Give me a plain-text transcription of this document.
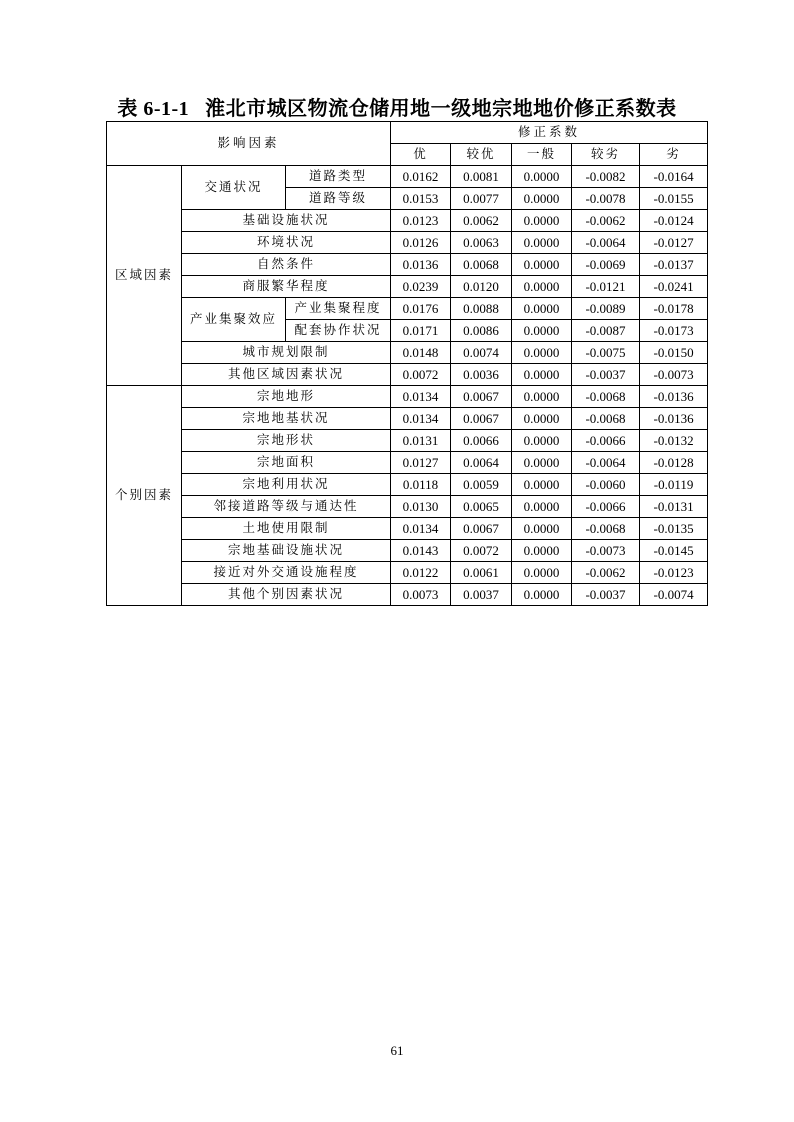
表 6-1-1 淮北市城区物流仓储用地一级地宗地地价修正系数表
影响因素			修正系数				
			优	较优	一般	较劣	劣
区域因素	交通状况	道路类型	0.0162	0.0081	0.0000	-0.0082	-0.0164
		道路等级	0.0153	0.0077	0.0000	-0.0078	-0.0155
	基础设施状况		0.0123	0.0062	0.0000	-0.0062	-0.0124
	环境状况		0.0126	0.0063	0.0000	-0.0064	-0.0127
	自然条件		0.0136	0.0068	0.0000	-0.0069	-0.0137
	商服繁华程度		0.0239	0.0120	0.0000	-0.0121	-0.0241
	产业集聚效应	产业集聚程度	0.0176	0.0088	0.0000	-0.0089	-0.0178
		配套协作状况	0.0171	0.0086	0.0000	-0.0087	-0.0173
	城市规划限制		0.0148	0.0074	0.0000	-0.0075	-0.0150
	其他区域因素状况		0.0072	0.0036	0.0000	-0.0037	-0.0073
个别因素	宗地地形		0.0134	0.0067	0.0000	-0.0068	-0.0136
	宗地地基状况		0.0134	0.0067	0.0000	-0.0068	-0.0136
	宗地形状		0.0131	0.0066	0.0000	-0.0066	-0.0132
	宗地面积		0.0127	0.0064	0.0000	-0.0064	-0.0128
	宗地利用状况		0.0118	0.0059	0.0000	-0.0060	-0.0119
	邻接道路等级与通达性		0.0130	0.0065	0.0000	-0.0066	-0.0131
	土地使用限制		0.0134	0.0067	0.0000	-0.0068	-0.0135
	宗地基础设施状况		0.0143	0.0072	0.0000	-0.0073	-0.0145
	接近对外交通设施程度		0.0122	0.0061	0.0000	-0.0062	-0.0123
	其他个别因素状况		0.0073	0.0037	0.0000	-0.0037	-0.0074
61
